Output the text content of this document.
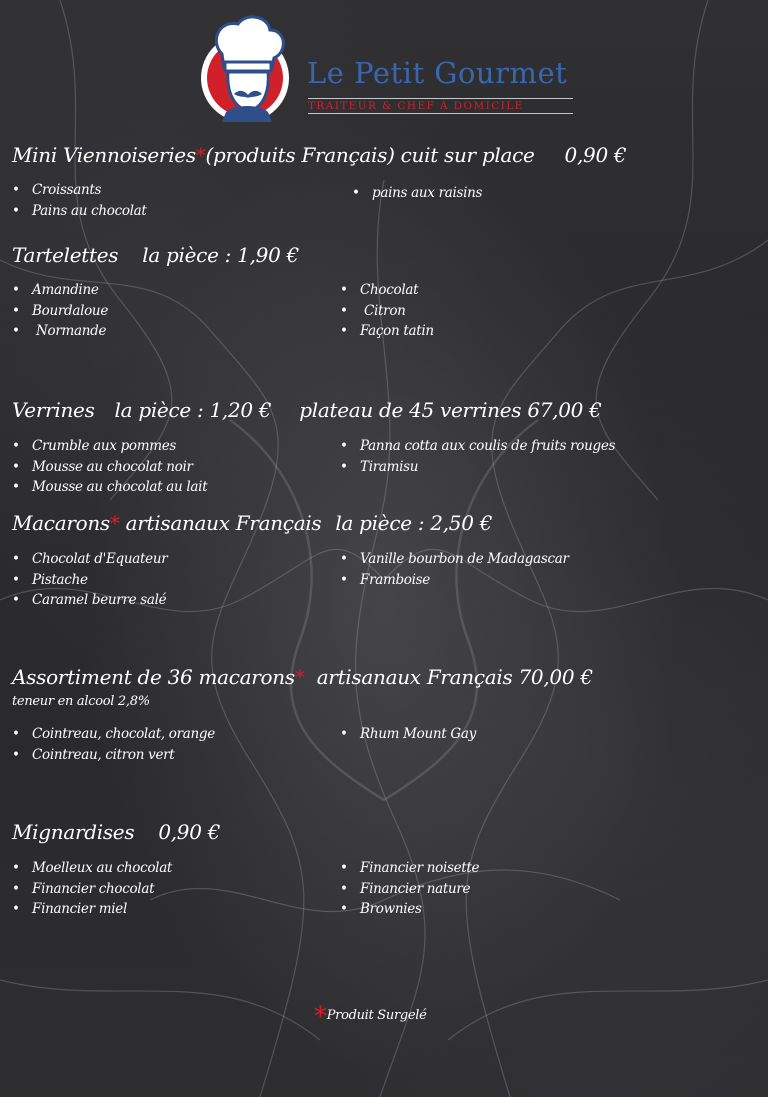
Le Petit Gourmet
TRAITEUR & CHEF À DOMICILE
Mini Viennoiseries*(produits Français) cuit sur place 0,90 €
• Croissants
• Pains au chocolat
• pains aux raisins
Tartelettes la pièce : 1,90 €
• Amandine
• Bourdaloue
• Normande
• Chocolat
• Citron
• Façon tatin
Verrines la pièce : 1,20 € plateau de 45 verrines 67,00 €
• Crumble aux pommes
• Mousse au chocolat noir
• Mousse au chocolat au lait
• Panna cotta aux coulis de fruits rouges
• Tiramisu
Macarons* artisanaux Français la pièce : 2,50 €
• Chocolat d'Equateur
• Pistache
• Caramel beurre salé
• Vanille bourbon de Madagascar
• Framboise
Assortiment de 36 macarons* artisanaux Français 70,00 €
teneur en alcool 2,8%
• Cointreau, chocolat, orange
• Cointreau, citron vert
• Rhum Mount Gay
Mignardises 0,90 €
• Moelleux au chocolat
• Financier chocolat
• Financier miel
• Financier noisette
• Financier nature
• Brownies
*Produit Surgelé
